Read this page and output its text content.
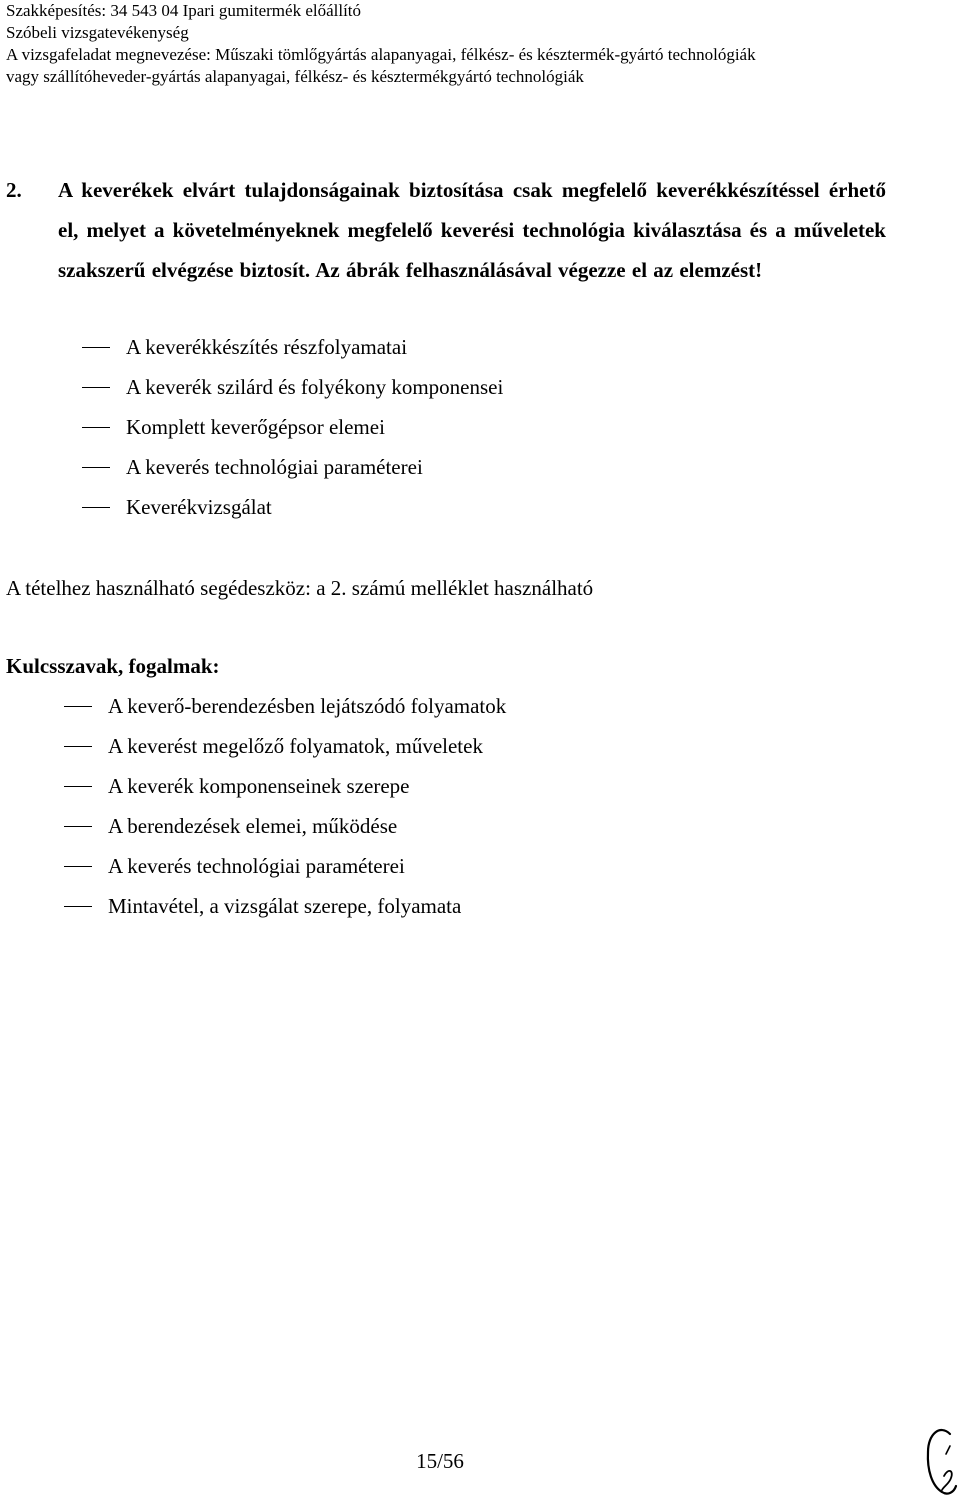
Szakképesítés: 34 543 04 Ipari gumitermék előállító
Szóbeli vizsgatevékenység
A vizsgafeladat megnevezése: Műszaki tömlőgyártás alapanyagai, félkész- és késztermék-gyártó technológiák
vagy szállítóheveder-gyártás alapanyagai, félkész- és késztermékgyártó technológiák
2. A keverékek elvárt tulajdonságainak biztosítása csak megfelelő keverékkészítéssel érhető el, melyet a követelményeknek megfelelő keverési technológia kiválasztása és a műveletek szakszerű elvégzése biztosít. Az ábrák felhasználásával végezze el az elemzést!
A keverékkészítés részfolyamatai
A keverék szilárd és folyékony komponensei
Komplett keverőgépsor elemei
A keverés technológiai paraméterei
Keverékvizsgálat
A tételhez használható segédeszköz: a 2. számú melléklet használható
Kulcsszavak, fogalmak:
A keverő-berendezésben lejátszódó folyamatok
A keverést megelőző folyamatok, műveletek
A keverék komponenseinek szerepe
A berendezések elemei, működése
A keverés technológiai paraméterei
Mintavétel, a vizsgálat szerepe, folyamata
15/56
